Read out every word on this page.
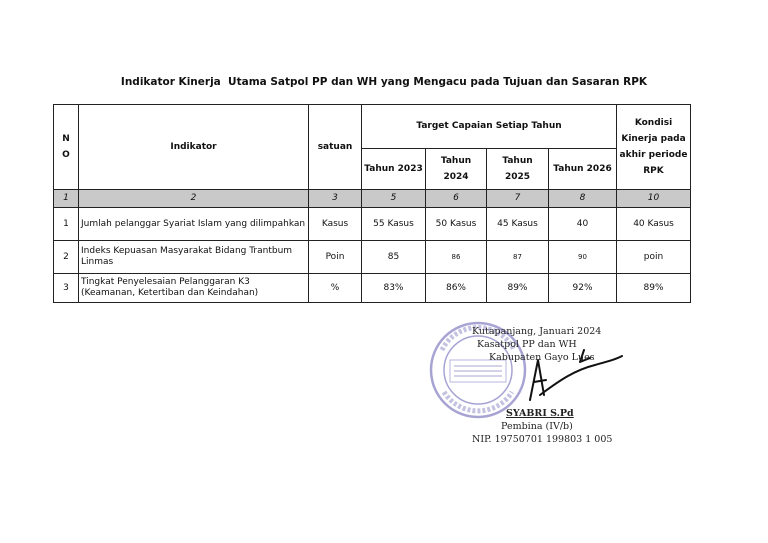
Indikator Kinerja  Utama Satpol PP dan WH yang Mengacu pada Tujuan dan Sasaran RPK
N O	Indikator	satuan	Target Capaian Setiap Tahun				Kondisi Kinerja pada akhir periode RPK
			Tahun 2023	Tahun 2024	Tahun 2025	Tahun 2026	
1	2	3	5	6	7	8	10
1	Jumlah pelanggar Syariat Islam yang dilimpahkan	Kasus	55 Kasus	50 Kasus	45 Kasus	40	40 Kasus
2	Indeks Kepuasan Masyarakat Bidang Trantbum Linmas	Poin	85	86	87	90	poin
3	Tingkat Penyelesaian Pelanggaran K3 (Keamanan, Ketertiban dan Keindahan)	%	83%	86%	89%	92%	89%
Kutapanjang, Januari 2024
Kasatpol PP dan WH
Kabupaten Gayo Lues
SYABRI S.Pd
Pembina (IV/b)
NIP. 19750701 199803 1 005
